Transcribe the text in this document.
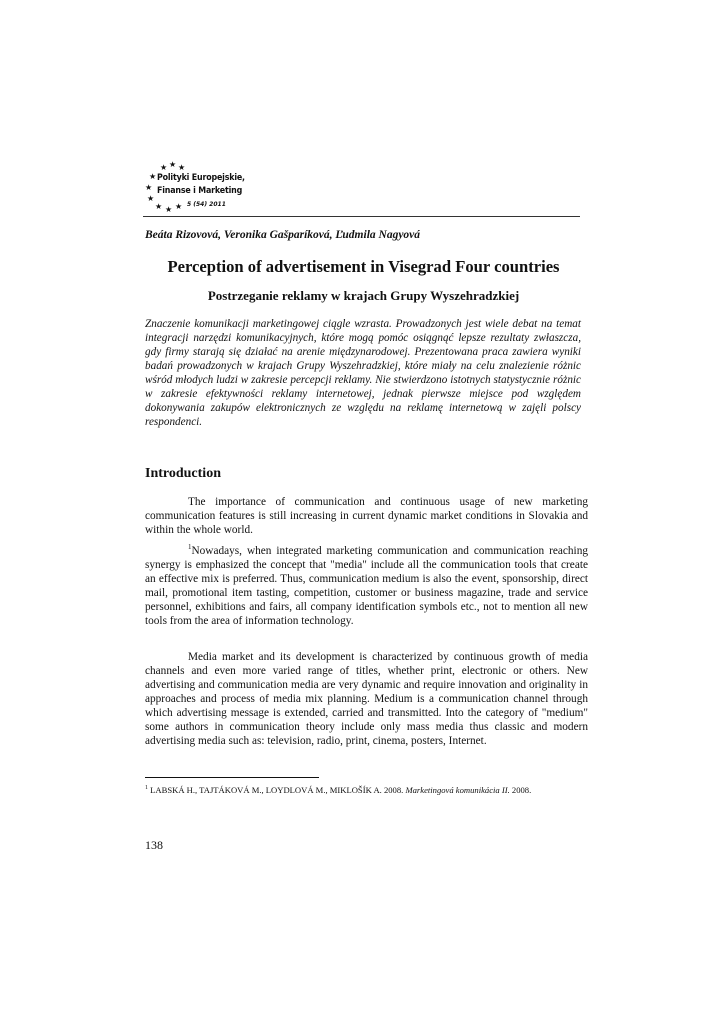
★ ★ ★
★
★
★
★ ★ ★
Polityki Europejskie,
Finanse i Marketing
5 (54) 2011
Beáta Rizovová, Veronika Gašparíková, Ľudmila Nagyová
Perception of advertisement in Visegrad Four countries
Postrzeganie reklamy w krajach Grupy Wyszehradzkiej

Znaczenie komunikacji marketingowej ciągle wzrasta. Prowadzonych jest wiele debat na temat integracji narzędzi komunikacyjnych, które mogą pomóc osiągnąć lepsze rezultaty zwłaszcza, gdy firmy starają się działać na arenie międzynarodowej. Prezentowana praca zawiera wyniki badań prowadzonych w krajach Grupy Wyszehradzkiej, które miały na celu znalezienie różnic wśród młodych ludzi w zakresie percepcji reklamy. Nie stwierdzono istotnych statystycznie różnic w zakresie efektywności reklamy internetowej, jednak pierwsze miejsce pod względem dokonywania zakupów elektronicznych ze względu na reklamę internetową w zajęli polscy respondenci.

Introduction

The importance of communication and continuous usage of new marketing communication features is still increasing in current dynamic market conditions in Slovakia and within the whole world.

$^1$Nowadays, when integrated marketing communication and communication reaching synergy is emphasized the concept that "media" include all the communication tools that create an effective mix is preferred. Thus, communication medium is also the event, sponsorship, direct mail, promotional item tasting, competition, customer or business magazine, trade and service personnel, exhibitions and fairs, all company identification symbols etc., not to mention all new tools from the area of information technology.

Media market and its development is characterized by continuous growth of media channels and even more varied range of titles, whether print, electronic or others. New advertising and communication media are very dynamic and require innovation and originality in approaches and process of media mix planning. Medium is a communication channel through which advertising message is extended, carried and transmitted. Into the category of "medium" some authors in communication theory include only mass media thus classic and modern advertising media such as: television, radio, print, cinema, posters, Internet.

$^1$ LABSKÁ H., TAJTÁKOVÁ M., LOYDLOVÁ M., MIKLOŠÍK A. 2008. Marketingová komunikácia II. 2008.

138
